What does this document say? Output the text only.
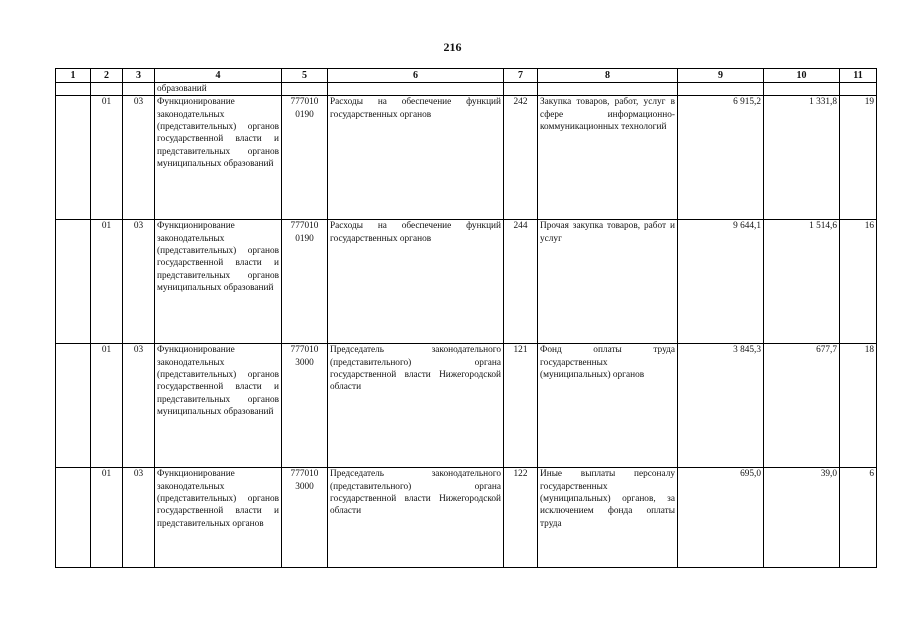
216
1	2	3	4	5	6	7	8	9	10	11
			образований							
	01	03	Функционирование законодательных (представительных) органов государственной власти и представительных органов муниципальных образований	777010 0190	Расходы на обеспечение функций государственных органов	242	Закупка товаров, работ, услуг в сфере информационно-коммуникационных технологий	6 915,2	1 331,8	19
	01	03	Функционирование законодательных (представительных) органов государственной власти и представительных органов муниципальных образований	777010 0190	Расходы на обеспечение функций государственных органов	244	Прочая закупка товаров, работ и услуг	9 644,1	1 514,6	16
	01	03	Функционирование законодательных (представительных) органов государственной власти и представительных органов муниципальных образований	777010 3000	Председатель законодательного (представительного) органа государственной власти Нижегородской области	121	Фонд оплаты труда государственных (муниципальных) органов	3 845,3	677,7	18
	01	03	Функционирование законодательных (представительных) органов государственной власти и представительных органов	777010 3000	Председатель законодательного (представительного) органа государственной власти Нижегородской области	122	Иные выплаты персоналу государственных (муниципальных) органов, за исключением фонда оплаты труда	695,0	39,0	6
